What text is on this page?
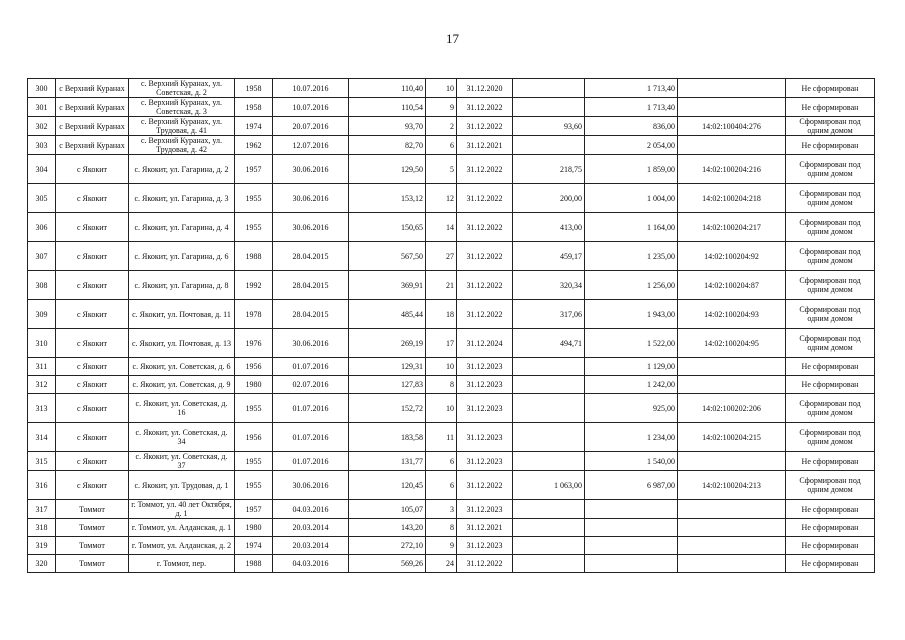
17
300	с Верхний Куранах	с. Верхний Куранах, ул. Советская, д. 2	1958	10.07.2016	110,40	10	31.12.2020		1 713,40		Не сформирован
301	с Верхний Куранах	с. Верхний Куранах, ул. Советская, д. 3	1958	10.07.2016	110,54	9	31.12.2022		1 713,40		Не сформирован
302	с Верхний Куранах	с. Верхний Куранах, ул. Трудовая, д. 41	1974	20.07.2016	93,70	2	31.12.2022	93,60	836,00	14:02:100404:276	Сформирован под одним домом
303	с Верхний Куранах	с. Верхний Куранах, ул. Трудовая, д. 42	1962	12.07.2016	82,70	6	31.12.2021		2 054,00		Не сформирован
304	с Якокит	с. Якокит, ул. Гагарина, д. 2	1957	30.06.2016	129,50	5	31.12.2022	218,75	1 859,00	14:02:100204:216	Сформирован под одним домом
305	с Якокит	с. Якокит, ул. Гагарина, д. 3	1955	30.06.2016	153,12	12	31.12.2022	200,00	1 004,00	14:02:100204:218	Сформирован под одним домом
306	с Якокит	с. Якокит, ул. Гагарина, д. 4	1955	30.06.2016	150,65	14	31.12.2022	413,00	1 164,00	14:02:100204:217	Сформирован под одним домом
307	с Якокит	с. Якокит, ул. Гагарина, д. 6	1988	28.04.2015	567,50	27	31.12.2022	459,17	1 235,00	14:02:100204:92	Сформирован под одним домом
308	с Якокит	с. Якокит, ул. Гагарина, д. 8	1992	28.04.2015	369,91	21	31.12.2022	320,34	1 256,00	14:02:100204:87	Сформирован под одним домом
309	с Якокит	с. Якокит, ул. Почтовая, д. 11	1978	28.04.2015	485,44	18	31.12.2022	317,06	1 943,00	14:02:100204:93	Сформирован под одним домом
310	с Якокит	с. Якокит, ул. Почтовая, д. 13	1976	30.06.2016	269,19	17	31.12.2024	494,71	1 522,00	14:02:100204:95	Сформирован под одним домом
311	с Якокит	с. Якокит, ул. Советская, д. 6	1956	01.07.2016	129,31	10	31.12.2023		1 129,00		Не сформирован
312	с Якокит	с. Якокит, ул. Советская, д. 9	1980	02.07.2016	127,83	8	31.12.2023		1 242,00		Не сформирован
313	с Якокит	с. Якокит, ул. Советская, д. 16	1955	01.07.2016	152,72	10	31.12.2023		925,00	14:02:100202:206	Сформирован под одним домом
314	с Якокит	с. Якокит, ул. Советская, д. 34	1956	01.07.2016	183,58	11	31.12.2023		1 234,00	14:02:100204:215	Сформирован под одним домом
315	с Якокит	с. Якокит, ул. Советская, д. 37	1955	01.07.2016	131,77	6	31.12.2023		1 540,00		Не сформирован
316	с Якокит	с. Якокит, ул. Трудовая, д. 1	1955	30.06.2016	120,45	6	31.12.2022	1 063,00	6 987,00	14:02:100204:213	Сформирован под одним домом
317	Томмот	г. Томмот, ул. 40 лет Октября, д. 1	1957	04.03.2016	105,07	3	31.12.2023				Не сформирован
318	Томмот	г. Томмот, ул. Алданская, д. 1	1980	20.03.2014	143,20	8	31.12.2021				Не сформирован
319	Томмот	г. Томмот, ул. Алданская, д. 2	1974	20.03.2014	272,10	9	31.12.2023				Не сформирован
320	Томмот	г. Томмот, пер.	1988	04.03.2016	569,26	24	31.12.2022				Не сформирован
